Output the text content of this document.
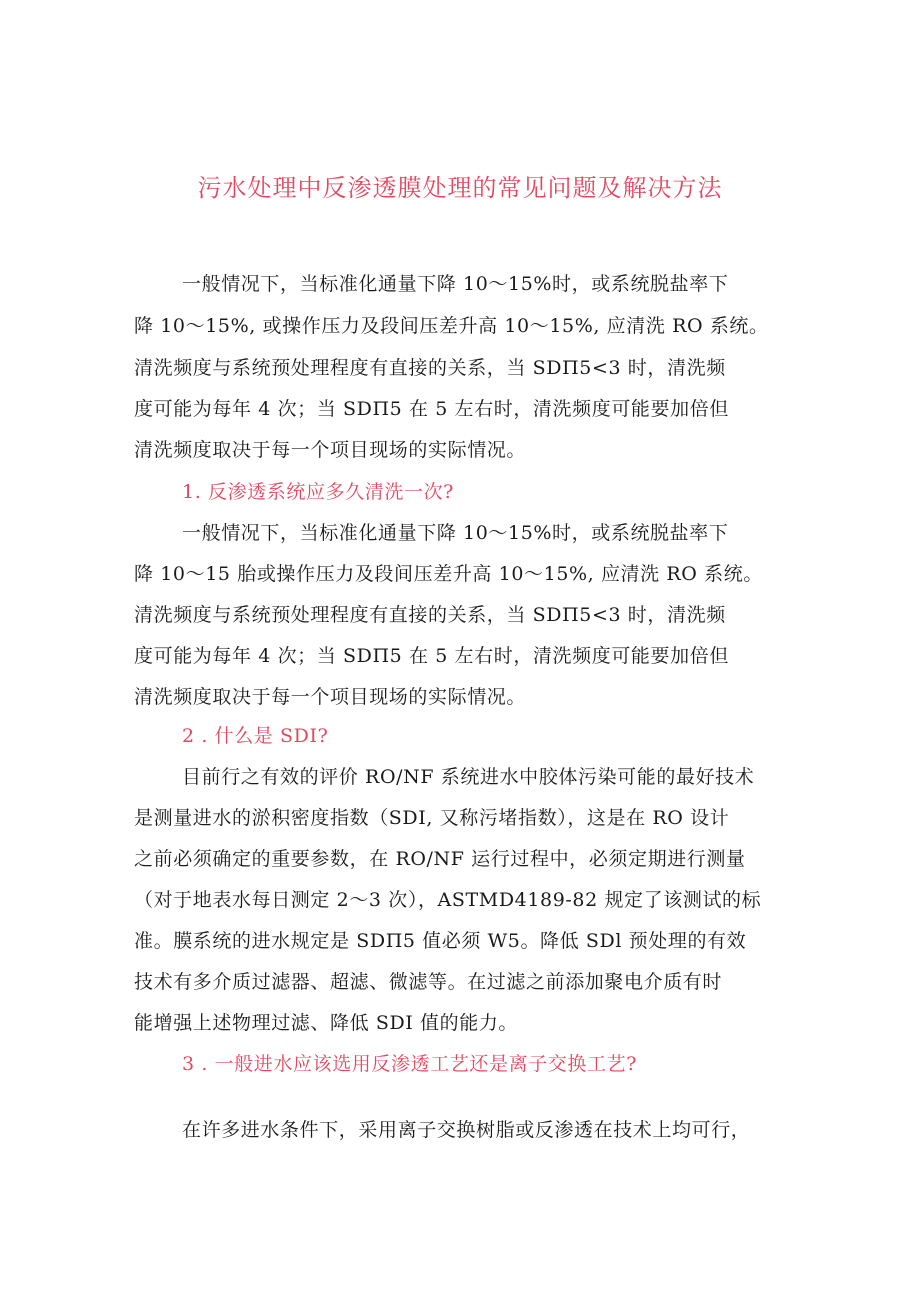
污水处理中反渗透膜处理的常见问题及解决方法
一般情况下，当标准化通量下降 10～15%时，或系统脱盐率下
降 10～15%, 或操作压力及段间压差升高 10～15%, 应清洗 RO 系统。
清洗频度与系统预处理程度有直接的关系，当 SDΠ5<3 时，清洗频
度可能为每年 4 次；当 SDΠ5 在 5 左右时，清洗频度可能要加倍但
清洗频度取决于每一个项目现场的实际情况。
1. 反渗透系统应多久清洗一次?
一般情况下，当标准化通量下降 10～15%时，或系统脱盐率下
降 10～15 胎或操作压力及段间压差升高 10～15%, 应清洗 RO 系统。
清洗频度与系统预处理程度有直接的关系，当 SDΠ5<3 时，清洗频
度可能为每年 4 次；当 SDΠ5 在 5 左右时，清洗频度可能要加倍但
清洗频度取决于每一个项目现场的实际情况。
2 . 什么是 SDI?
目前行之有效的评价 RO/NF 系统进水中胶体污染可能的最好技术
是测量进水的淤积密度指数（SDI, 又称污堵指数），这是在 RO 设计
之前必须确定的重要参数，在 RO/NF 运行过程中，必须定期进行测量
（对于地表水每日测定 2～3 次），ASTMD4189-82 规定了该测试的标
准。膜系统的进水规定是 SDΠ5 值必须 W5。降低 SDl 预处理的有效
技术有多介质过滤器、超滤、微滤等。在过滤之前添加聚电介质有时
能增强上述物理过滤、降低 SDI 值的能力。
3 . 一般进水应该选用反渗透工艺还是离子交换工艺?
在许多进水条件下，采用离子交换树脂或反渗透在技术上均可行，
